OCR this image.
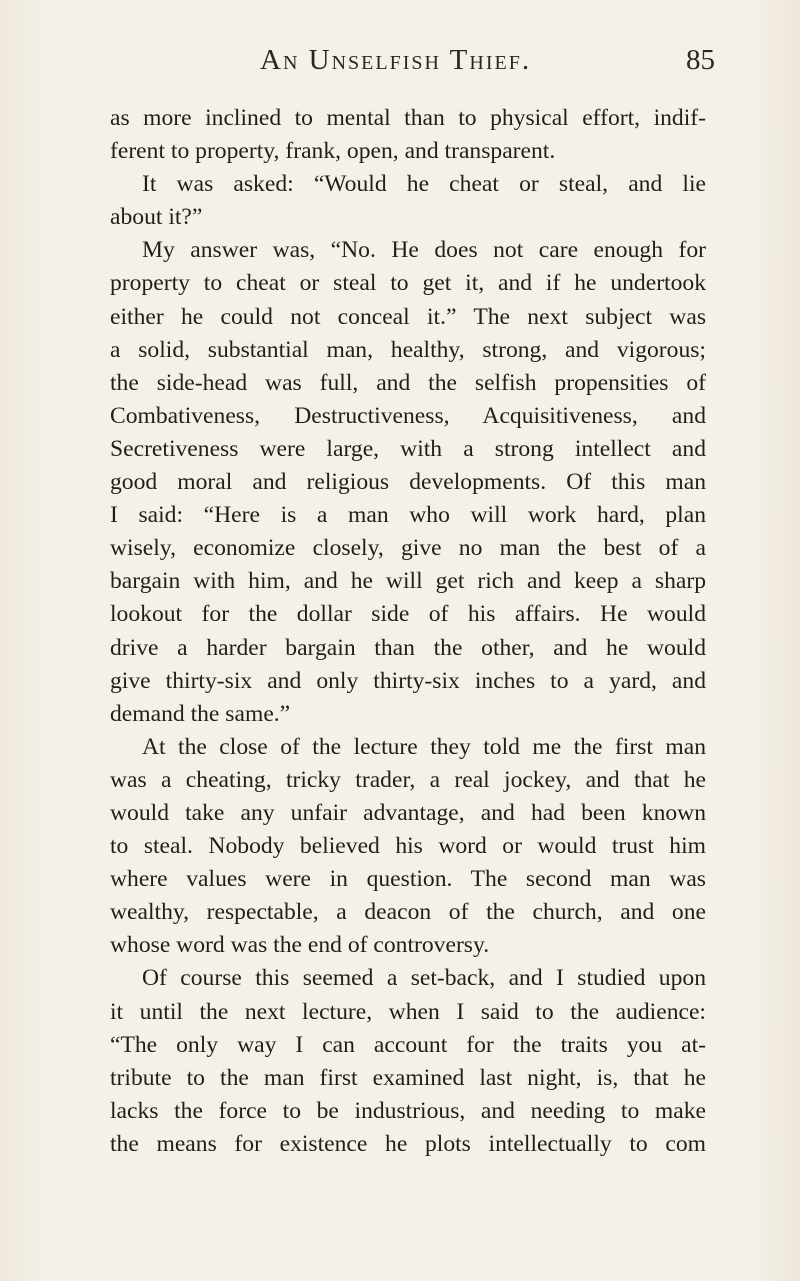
An Unselfish Thief.	85
as more inclined to mental than to physical effort, indif-
ferent to property, frank, open, and transparent.
It was asked: “Would he cheat or steal, and lie
about it?”
My answer was, “No. He does not care enough for
property to cheat or steal to get it, and if he undertook
either he could not conceal it.” The next subject was
a solid, substantial man, healthy, strong, and vigorous;
the side-head was full, and the selfish propensities of
Combativeness, Destructiveness, Acquisitiveness, and
Secretiveness were large, with a strong intellect and
good moral and religious developments. Of this man
I said: “Here is a man who will work hard, plan
wisely, economize closely, give no man the best of a
bargain with him, and he will get rich and keep a sharp
lookout for the dollar side of his affairs. He would
drive a harder bargain than the other, and he would
give thirty-six and only thirty-six inches to a yard, and
demand the same.”
At the close of the lecture they told me the first man
was a cheating, tricky trader, a real jockey, and that he
would take any unfair advantage, and had been known
to steal. Nobody believed his word or would trust him
where values were in question. The second man was
wealthy, respectable, a deacon of the church, and one
whose word was the end of controversy.
Of course this seemed a set-back, and I studied upon
it until the next lecture, when I said to the audience:
“The only way I can account for the traits you at-
tribute to the man first examined last night, is, that he
lacks the force to be industrious, and needing to make
the means for existence he plots intellectually to com
